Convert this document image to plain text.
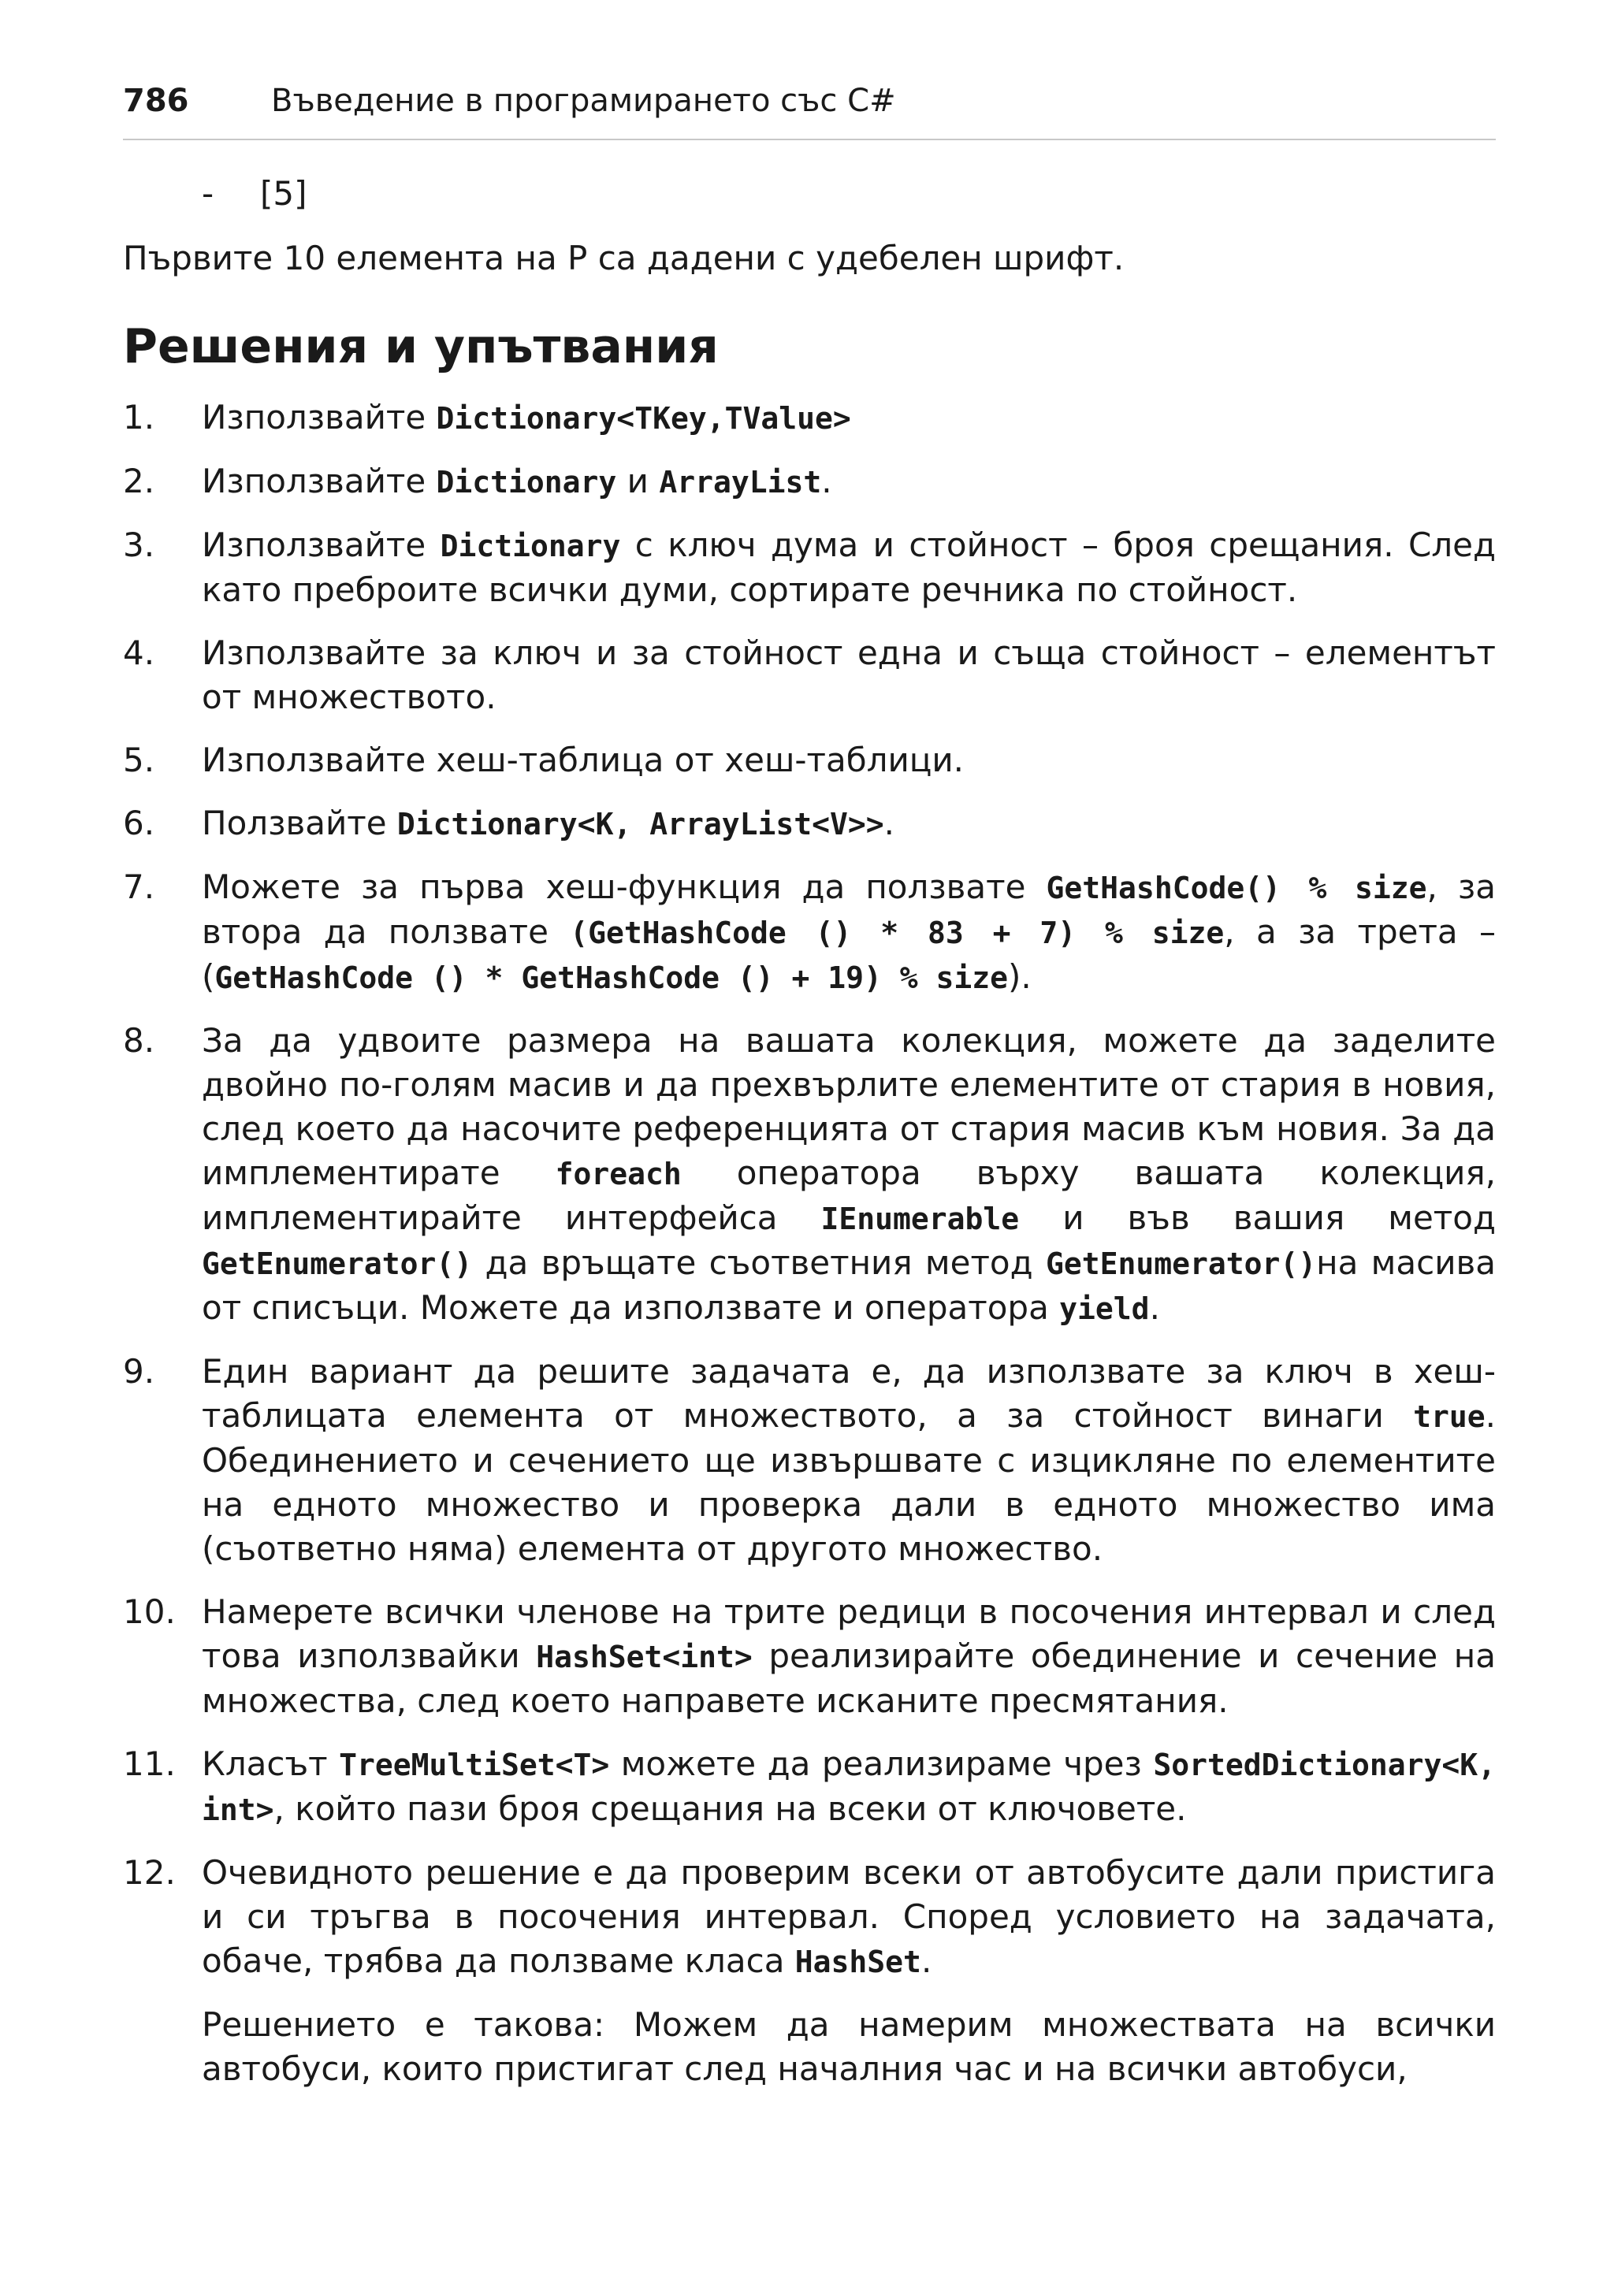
786	Въведение в програмирането със C#
- [5]
Първите 10 елемента на P са дадени с удебелен шрифт.
Решения и упътвания
1. Използвайте Dictionary<TKey,TValue>
2. Използвайте Dictionary и ArrayList.
3. Използвайте Dictionary с ключ дума и стойност – броя срещания. След като преброите всички думи, сортирате речника по стойност.
4. Използвайте за ключ и за стойност една и съща стойност – елементът от множеството.
5. Използвайте хеш-таблица от хеш-таблици.
6. Ползвайте Dictionary<K, ArrayList<V>>.
7. Можете за първа хеш-функция да ползвате GetHashCode() % size, за втора да ползвате (GetHashCode () * 83 + 7) % size, а за трета – (GetHashCode () * GetHashCode () + 19) % size).
8. За да удвоите размера на вашата колекция, можете да заделите двойно по-голям масив и да прехвърлите елементите от стария в новия, след което да насочите референцията от стария масив към новия. За да имплементирате foreach оператора върху вашата колекция, имплементирайте интерфейса IEnumerable и във вашия метод GetEnumerator() да връщате съответния метод GetEnumerator()на масива от списъци. Можете да използвате и оператора yield.
9. Един вариант да решите задачата е, да използвате за ключ в хеш-таблицата елемента от множеството, а за стойност винаги true. Обединението и сечението ще извършвате с изцикляне по елементите на едното множество и проверка дали в едното множество има (съответно няма) елемента от другото множество.
10. Намерете всички членове на трите редици в посочения интервал и след това използвайки HashSet<int> реализирайте обединение и сечение на множества, след което направете исканите пресмятания.
11. Класът TreeMultiSet<T> можете да реализираме чрез SortedDictionary<K, int>, който пази броя срещания на всеки от ключовете.
12. Очевидното решение е да проверим всеки от автобусите дали пристига и си тръгва в посочения интервал. Според условието на задачата, обаче, трябва да ползваме класа HashSet.
Решението е такова: Можем да намерим множествата на всички автобуси, които пристигат след началния час и на всички автобуси,
